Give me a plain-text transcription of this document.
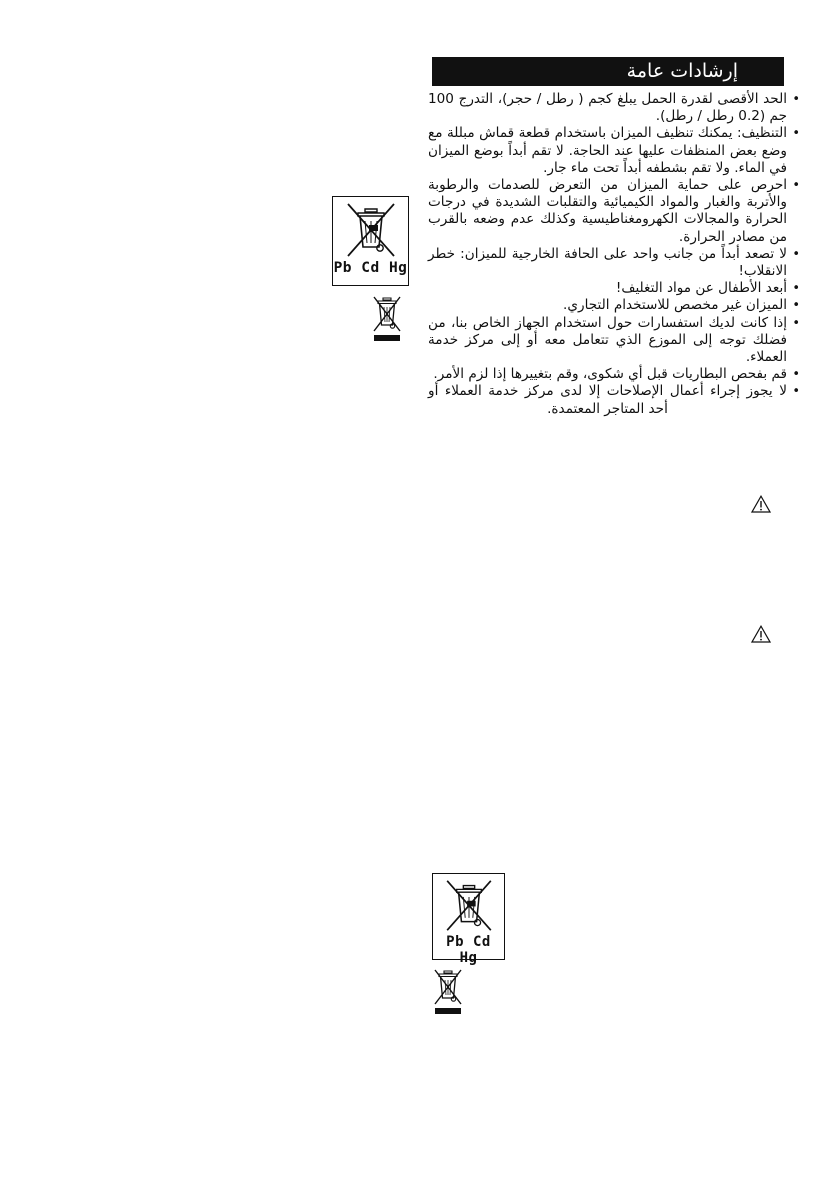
إرشادات عامة
• الحد الأقصى لقدرة الحمل يبلغ كجم ( رطل / حجر)، التدرج 100 جم (0.2 رطل / رطل).
• التنظيف: يمكنك تنظيف الميزان باستخدام قطعة قماش مبللة مع وضع بعض المنظفات عليها عند الحاجة. لا تقم أبداً بوضع الميزان في الماء. ولا تقم بشطفه أبداً تحت ماء جار.
• احرص على حماية الميزان من التعرض للصدمات والرطوبة والأتربة والغبار والمواد الكيميائية والتقلبات الشديدة في درجات الحرارة والمجالات الكهرومغناطيسية وكذلك عدم وضعه بالقرب من مصادر الحرارة.
• لا تصعد أبداً من جانب واحد على الحافة الخارجية للميزان: خطر الانقلاب!
• أبعد الأطفال عن مواد التغليف!
• الميزان غير مخصص للاستخدام التجاري.
• إذا كانت لديك استفسارات حول استخدام الجهاز الخاص بنا، من فضلك توجه إلى الموزع الذي تتعامل معه أو إلى مركز خدمة العملاء.
• قم بفحص البطاريات قبل أي شكوى، وقم بتغييرها إذا لزم الأمر.
• لا يجوز إجراء أعمال الإصلاحات إلا لدى مركز خدمة العملاء أو أحد المتاجر المعتمدة.
Pb Cd Hg
Pb Cd Hg
